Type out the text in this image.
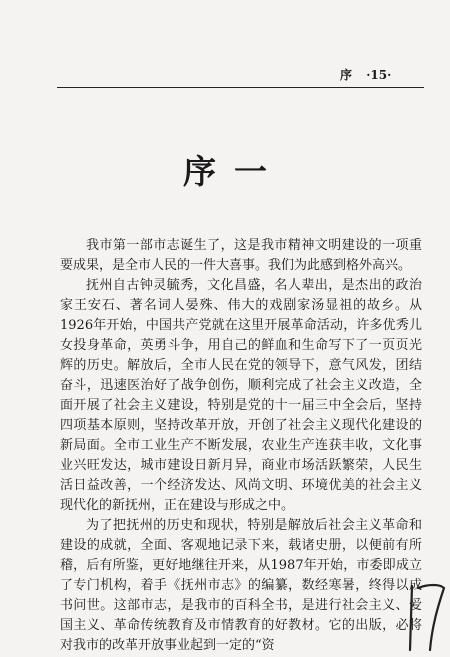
序 ·15·
序一

我市第一部市志诞生了，这是我市精神文明建设的一项重要成果，是全市人民的一件大喜事。我们为此感到格外高兴。

抚州自古钟灵毓秀，文化昌盛，名人辈出，是杰出的政治家王安石、著名词人晏殊、伟大的戏剧家汤显祖的故乡。从1926年开始，中国共产党就在这里开展革命活动，许多优秀儿女投身革命，英勇斗争，用自己的鲜血和生命写下了一页页光辉的历史。解放后，全市人民在党的领导下，意气风发，团结奋斗，迅速医治好了战争创伤，顺利完成了社会主义改造，全面开展了社会主义建设，特别是党的十一届三中全会后，坚持四项基本原则，坚持改革开放，开创了社会主义现代化建设的新局面。全市工业生产不断发展，农业生产连获丰收，文化事业兴旺发达，城市建设日新月异，商业市场活跃繁荣，人民生活日益改善，一个经济发达、风尚文明、环境优美的社会主义现代化的新抚州，正在建设与形成之中。

为了把抚州的历史和现状，特别是解放后社会主义革命和建设的成就，全面、客观地记录下来，载诸史册，以便前有所稽，后有所鉴，更好地继往开来，从1987年开始，市委即成立了专门机构，着手《抚州市志》的编纂，数经寒暑，终得以成书问世。这部市志，是我市的百科全书，是进行社会主义、爱国主义、革命传统教育及市情教育的好教材。它的出版，必将对我市的改革开放事业起到一定的“资
